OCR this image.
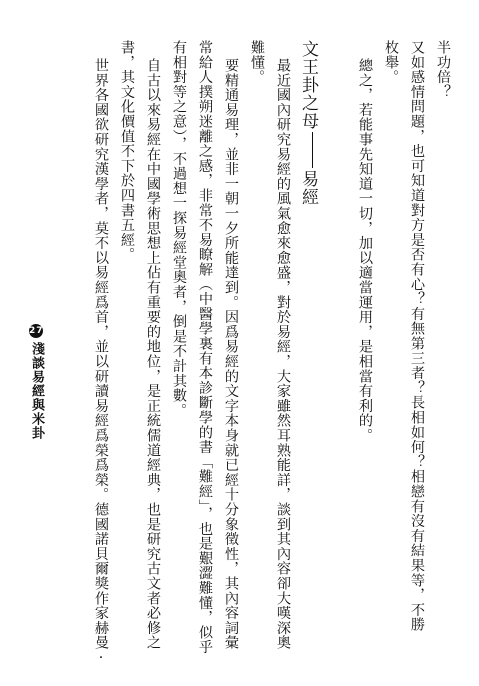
半功倍？
又如感情問題，也可知道對方是否有心？有無第三者？長相如何？相戀有沒有結果等，不勝
枚舉。
總之，若能事先知道一切，加以適當運用，是相當有利的。
文王卦之母易經
最近國內研究易經的風氣愈來愈盛，對於易經，大家雖然耳熟能詳，談到其內容卻大嘆深奧
難懂。
要精通易理，並非一朝一夕所能達到。因爲易經的文字本身就已經十分象徵性，其內容詞彙
常給人撲朔迷離之感，非常不易瞭解（中醫學裏有本診斷學的書「難經」，也是艱澀難懂，似乎
有相對等之意），不過想一探易經堂奧者，倒是不計其數。
自古以來易經在中國學術思想上佔有重要的地位，是正統儒道經典，也是研究古文者必修之
書，其文化價值不下於四書五經。
世界各國欲研究漢學者，莫不以易經爲首，並以研讀易經爲榮爲榮。德國諾貝爾獎作家赫曼·
27淺談易經與米卦
